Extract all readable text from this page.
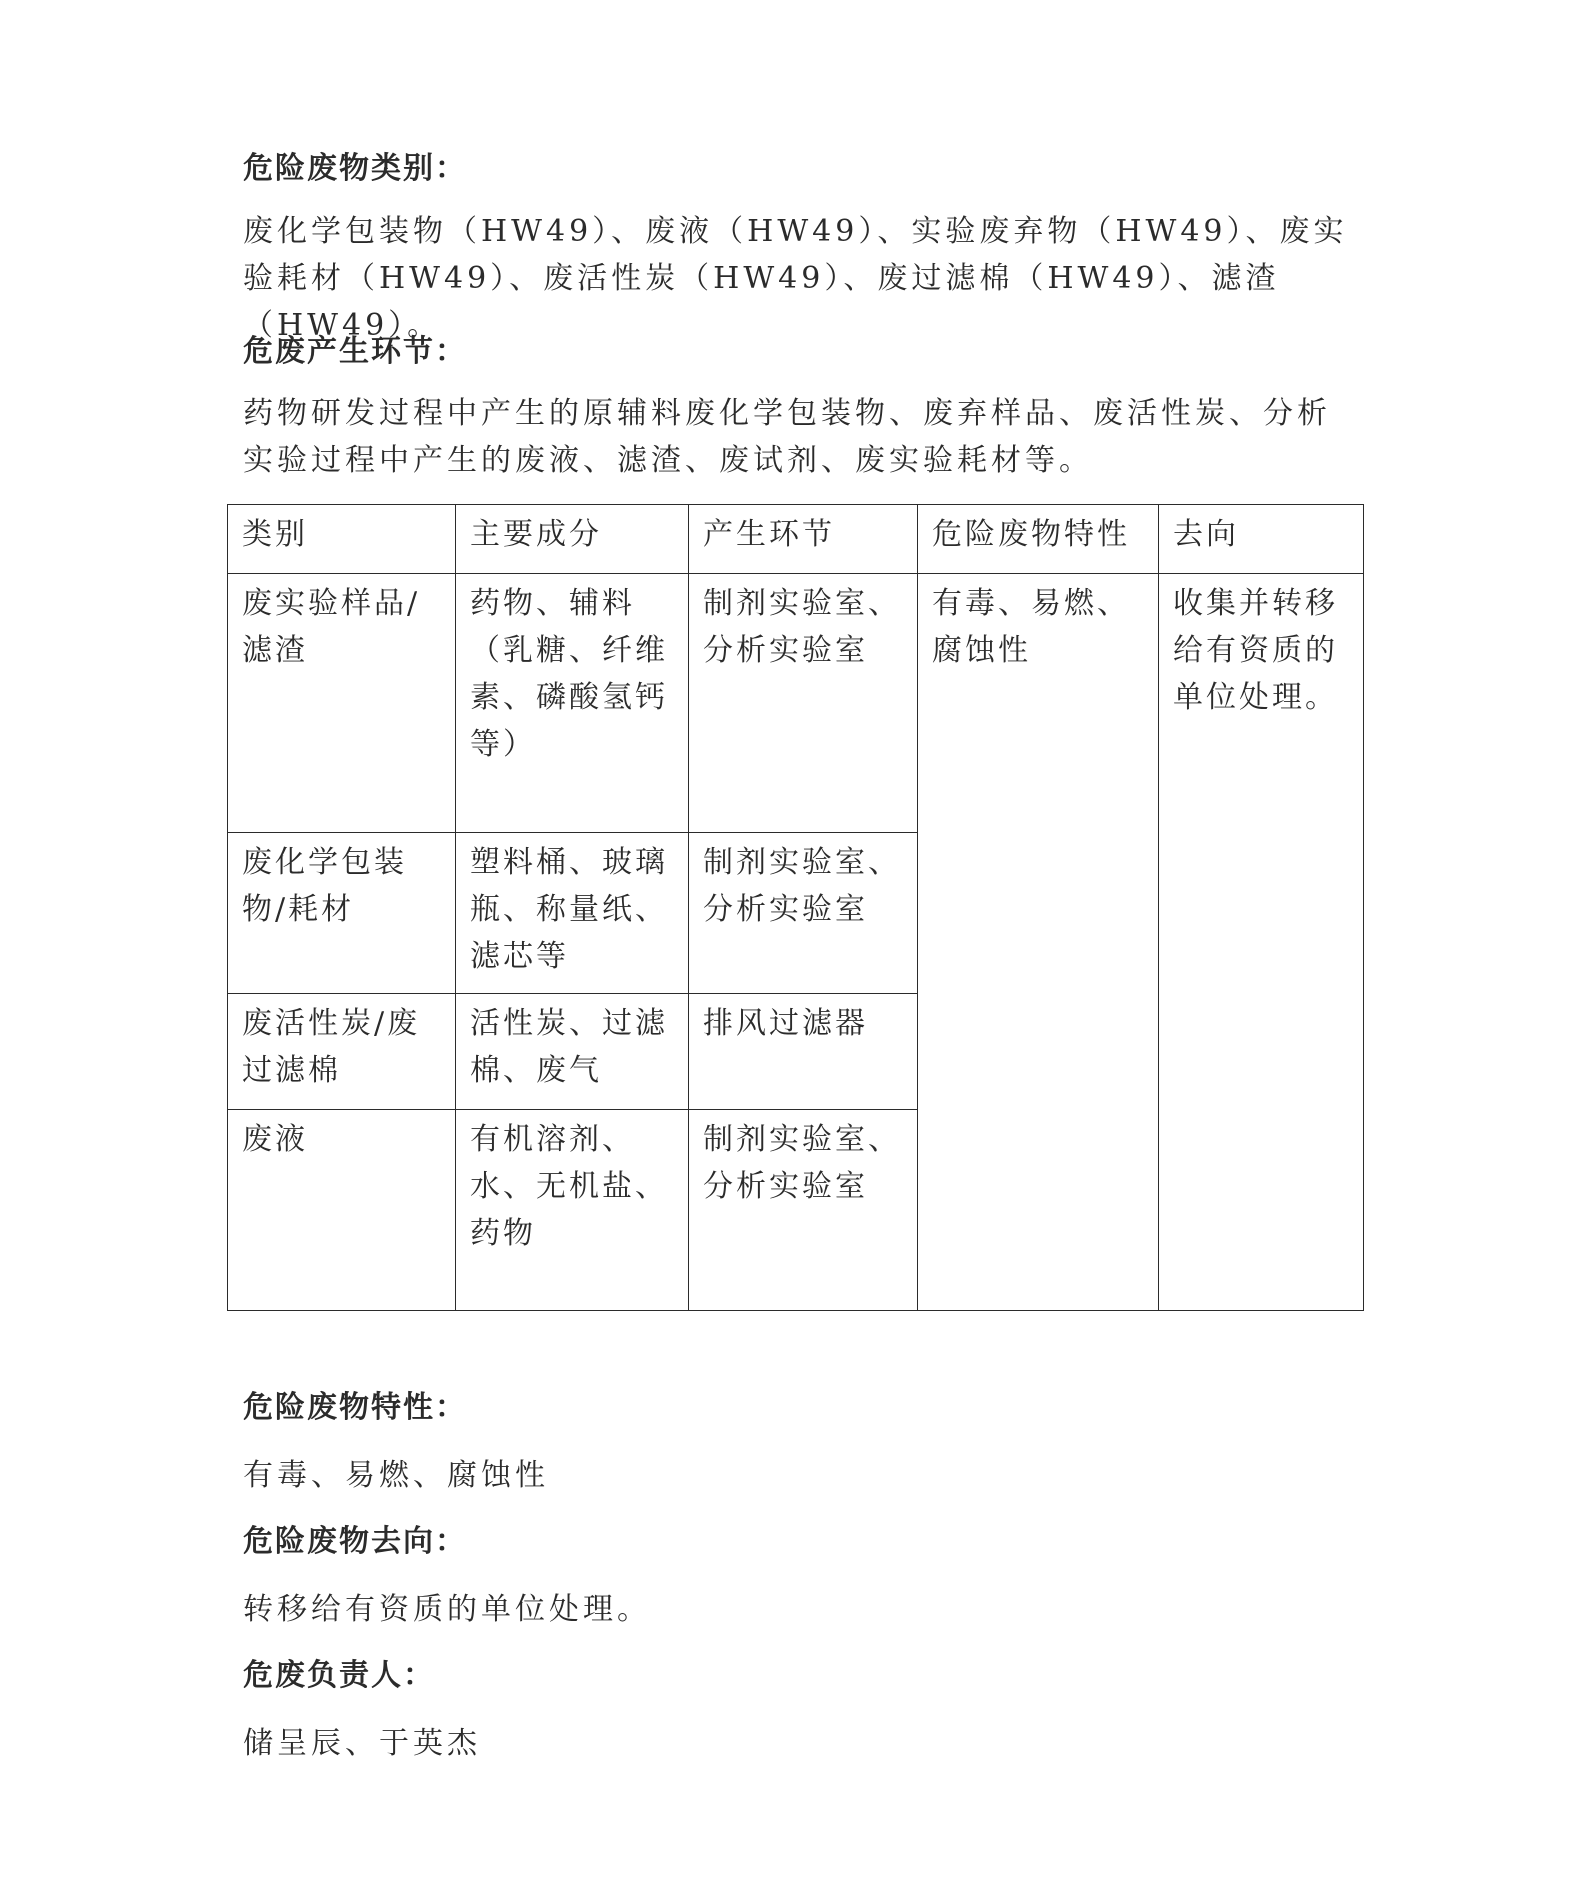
危险废物类别：
废化学包装物（HW49）、废液（HW49）、实验废弃物（HW49）、废实验耗材（HW49）、废活性炭（HW49）、废过滤棉（HW49）、滤渣（HW49）。
危废产生环节：
药物研发过程中产生的原辅料废化学包装物、废弃样品、废活性炭、分析实验过程中产生的废液、滤渣、废试剂、废实验耗材等。
类别	主要成分	产生环节	危险废物特性	去向
废实验样品/滤渣	药物、辅料（乳糖、纤维素、磷酸氢钙等）	制剂实验室、分析实验室	有毒、易燃、腐蚀性	收集并转移给有资质的单位处理。
废化学包装物/耗材	塑料桶、玻璃瓶、称量纸、滤芯等	制剂实验室、分析实验室		
废活性炭/废过滤棉	活性炭、过滤棉、废气	排风过滤器		
废液	有机溶剂、水、无机盐、药物	制剂实验室、分析实验室		
危险废物特性：
有毒、易燃、腐蚀性
危险废物去向：
转移给有资质的单位处理。
危废负责人：
储呈辰、于英杰
